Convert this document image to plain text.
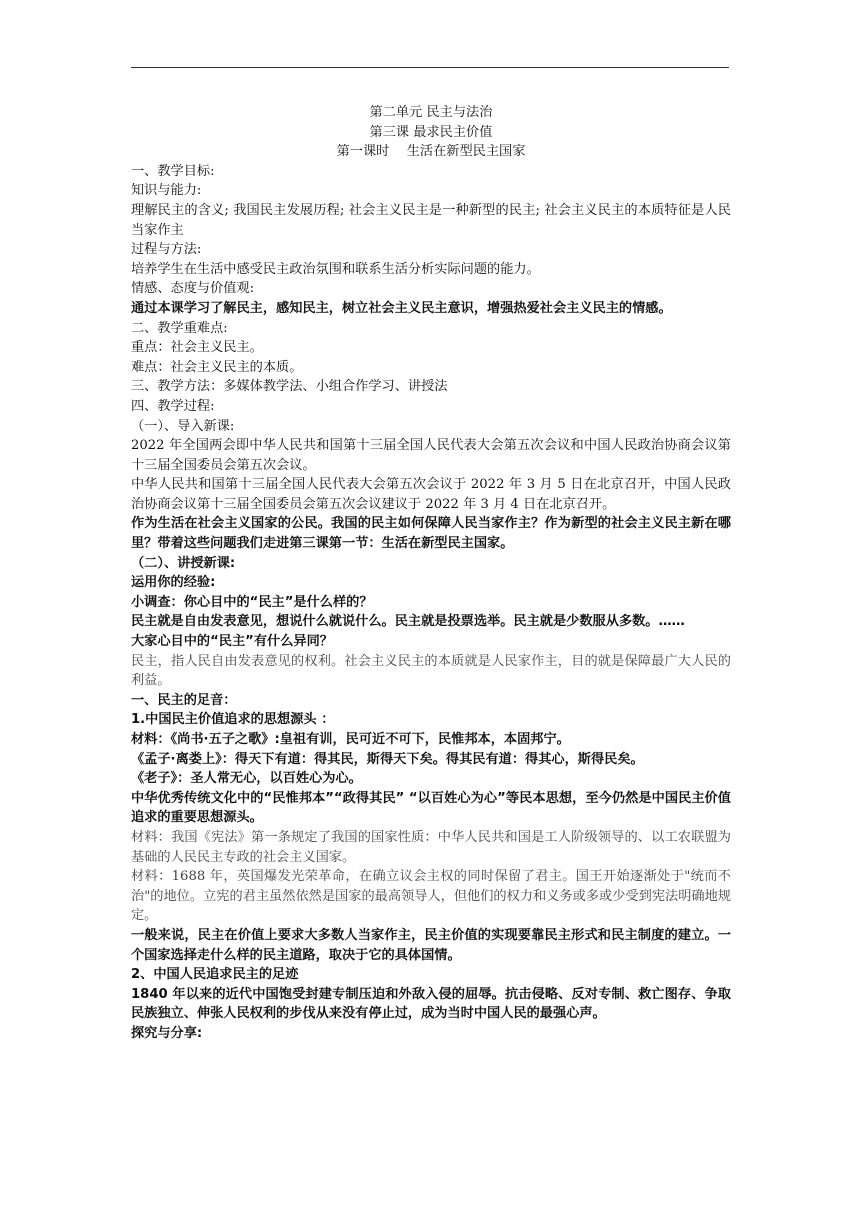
第二单元 民主与法治

第三课 最求民主价值

第一课时　 生活在新型民主国家

一、教学目标:

知识与能力:

理解民主的含义; 我国民主发展历程; 社会主义民主是一种新型的民主; 社会主义民主的本质特征是人民当家作主

过程与方法:

培养学生在生活中感受民主政治氛围和联系生活分析实际问题的能力。

情感、态度与价值观:

通过本课学习了解民主，感知民主，树立社会主义民主意识，增强热爱社会主义民主的情感。

二、教学重难点:

重点：社会主义民主。

难点：社会主义民主的本质。

三、教学方法：多媒体教学法、小组合作学习、讲授法

四、教学过程:

（一）、导入新课:

2022 年全国两会即中华人民共和国第十三届全国人民代表大会第五次会议和中国人民政治协商会议第十三届全国委员会第五次会议。

中华人民共和国第十三届全国人民代表大会第五次会议于 2022 年 3 月 5 日在北京召开，中国人民政治协商会议第十三届全国委员会第五次会议建议于 2022 年 3 月 4 日在北京召开。

作为生活在社会主义国家的公民。我国的民主如何保障人民当家作主？作为新型的社会主义民主新在哪里？带着这些问题我们走进第三课第一节：生活在新型民主国家。

（二）、讲授新课:

运用你的经验:

小调查：你心目中的“民主”是什么样的？

民主就是自由发表意见，想说什么就说什么。民主就是投票选举。民主就是少数服从多数。……

大家心目中的“民主”有什么异同？

民主，指人民自由发表意见的权利。社会主义民主的本质就是人民家作主，目的就是保障最广大人民的利益。

一、民主的足音：

1.中国民主价值追求的思想源头 ：

材料：《尚书·五子之歌》:皇祖有训，民可近不可下，民惟邦本，本固邦宁。

《孟子·离娄上》：得天下有道：得其民，斯得天下矣。得其民有道：得其心，斯得民矣。

《老子》：圣人常无心，以百姓心为心。

中华优秀传统文化中的“民惟邦本”“政得其民” “以百姓心为心”等民本思想，至今仍然是中国民主价值追求的重要思想源头。

材料：我国《宪法》第一条规定了我国的国家性质：中华人民共和国是工人阶级领导的、以工农联盟为基础的人民民主专政的社会主义国家。

材料：1688 年，英国爆发光荣革命，在确立议会主权的同时保留了君主。国王开始逐渐处于"统而不治"的地位。立宪的君主虽然依然是国家的最高领导人，但他们的权力和义务或多或少受到宪法明确地规定。

一般来说，民主在价值上要求大多数人当家作主，民主价值的实现要靠民主形式和民主制度的建立。一个国家选择走什么样的民主道路，取决于它的具体国情。

2、中国人民追求民主的足迹

1840 年以来的近代中国饱受封建专制压迫和外敌入侵的屈辱。抗击侵略、反对专制、救亡图存、争取民族独立、伸张人民权利的步伐从来没有停止过，成为当时中国人民的最强心声。

探究与分享:
